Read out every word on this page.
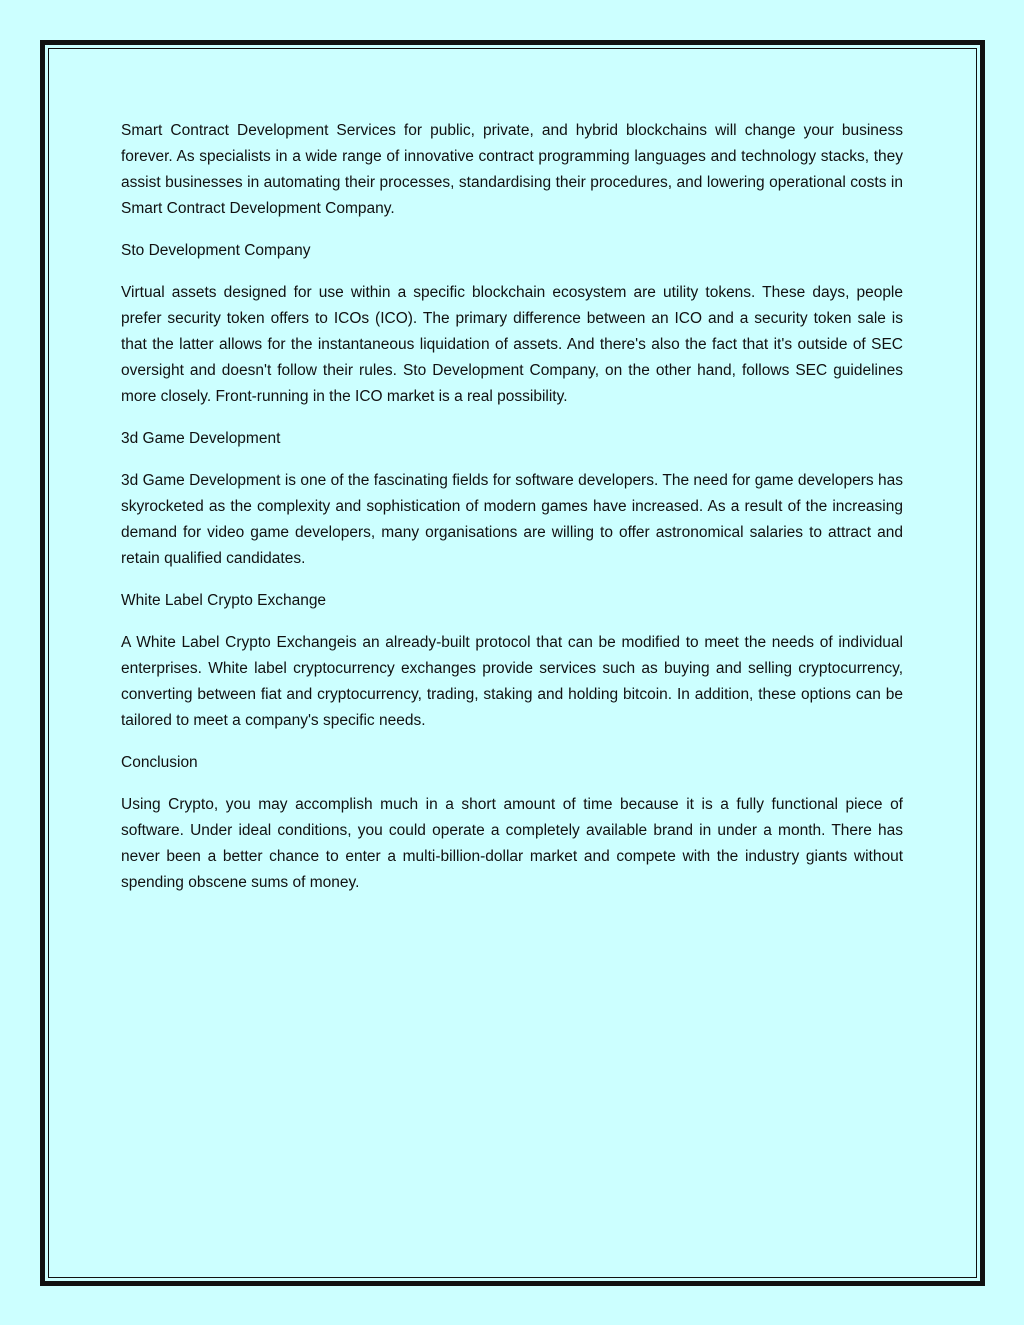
Smart Contract Development Services for public, private, and hybrid blockchains will change your business forever. As specialists in a wide range of innovative contract programming languages and technology stacks, they assist businesses in automating their processes, standardising their procedures, and lowering operational costs in Smart Contract Development Company.

Sto Development Company

Virtual assets designed for use within a specific blockchain ecosystem are utility tokens. These days, people prefer security token offers to ICOs (ICO). The primary difference between an ICO and a security token sale is that the latter allows for the instantaneous liquidation of assets. And there's also the fact that it's outside of SEC oversight and doesn't follow their rules. Sto Development Company, on the other hand, follows SEC guidelines more closely. Front-running in the ICO market is a real possibility.

3d Game Development

3d Game Development is one of the fascinating fields for software developers. The need for game developers has skyrocketed as the complexity and sophistication of modern games have increased. As a result of the increasing demand for video game developers, many organisations are willing to offer astronomical salaries to attract and retain qualified candidates.

White Label Crypto Exchange

A White Label Crypto Exchangeis an already-built protocol that can be modified to meet the needs of individual enterprises. White label cryptocurrency exchanges provide services such as buying and selling cryptocurrency, converting between fiat and cryptocurrency, trading, staking and holding bitcoin. In addition, these options can be tailored to meet a company's specific needs.

Conclusion

Using Crypto, you may accomplish much in a short amount of time because it is a fully functional piece of software. Under ideal conditions, you could operate a completely available brand in under a month. There has never been a better chance to enter a multi-billion-dollar market and compete with the industry giants without spending obscene sums of money.
